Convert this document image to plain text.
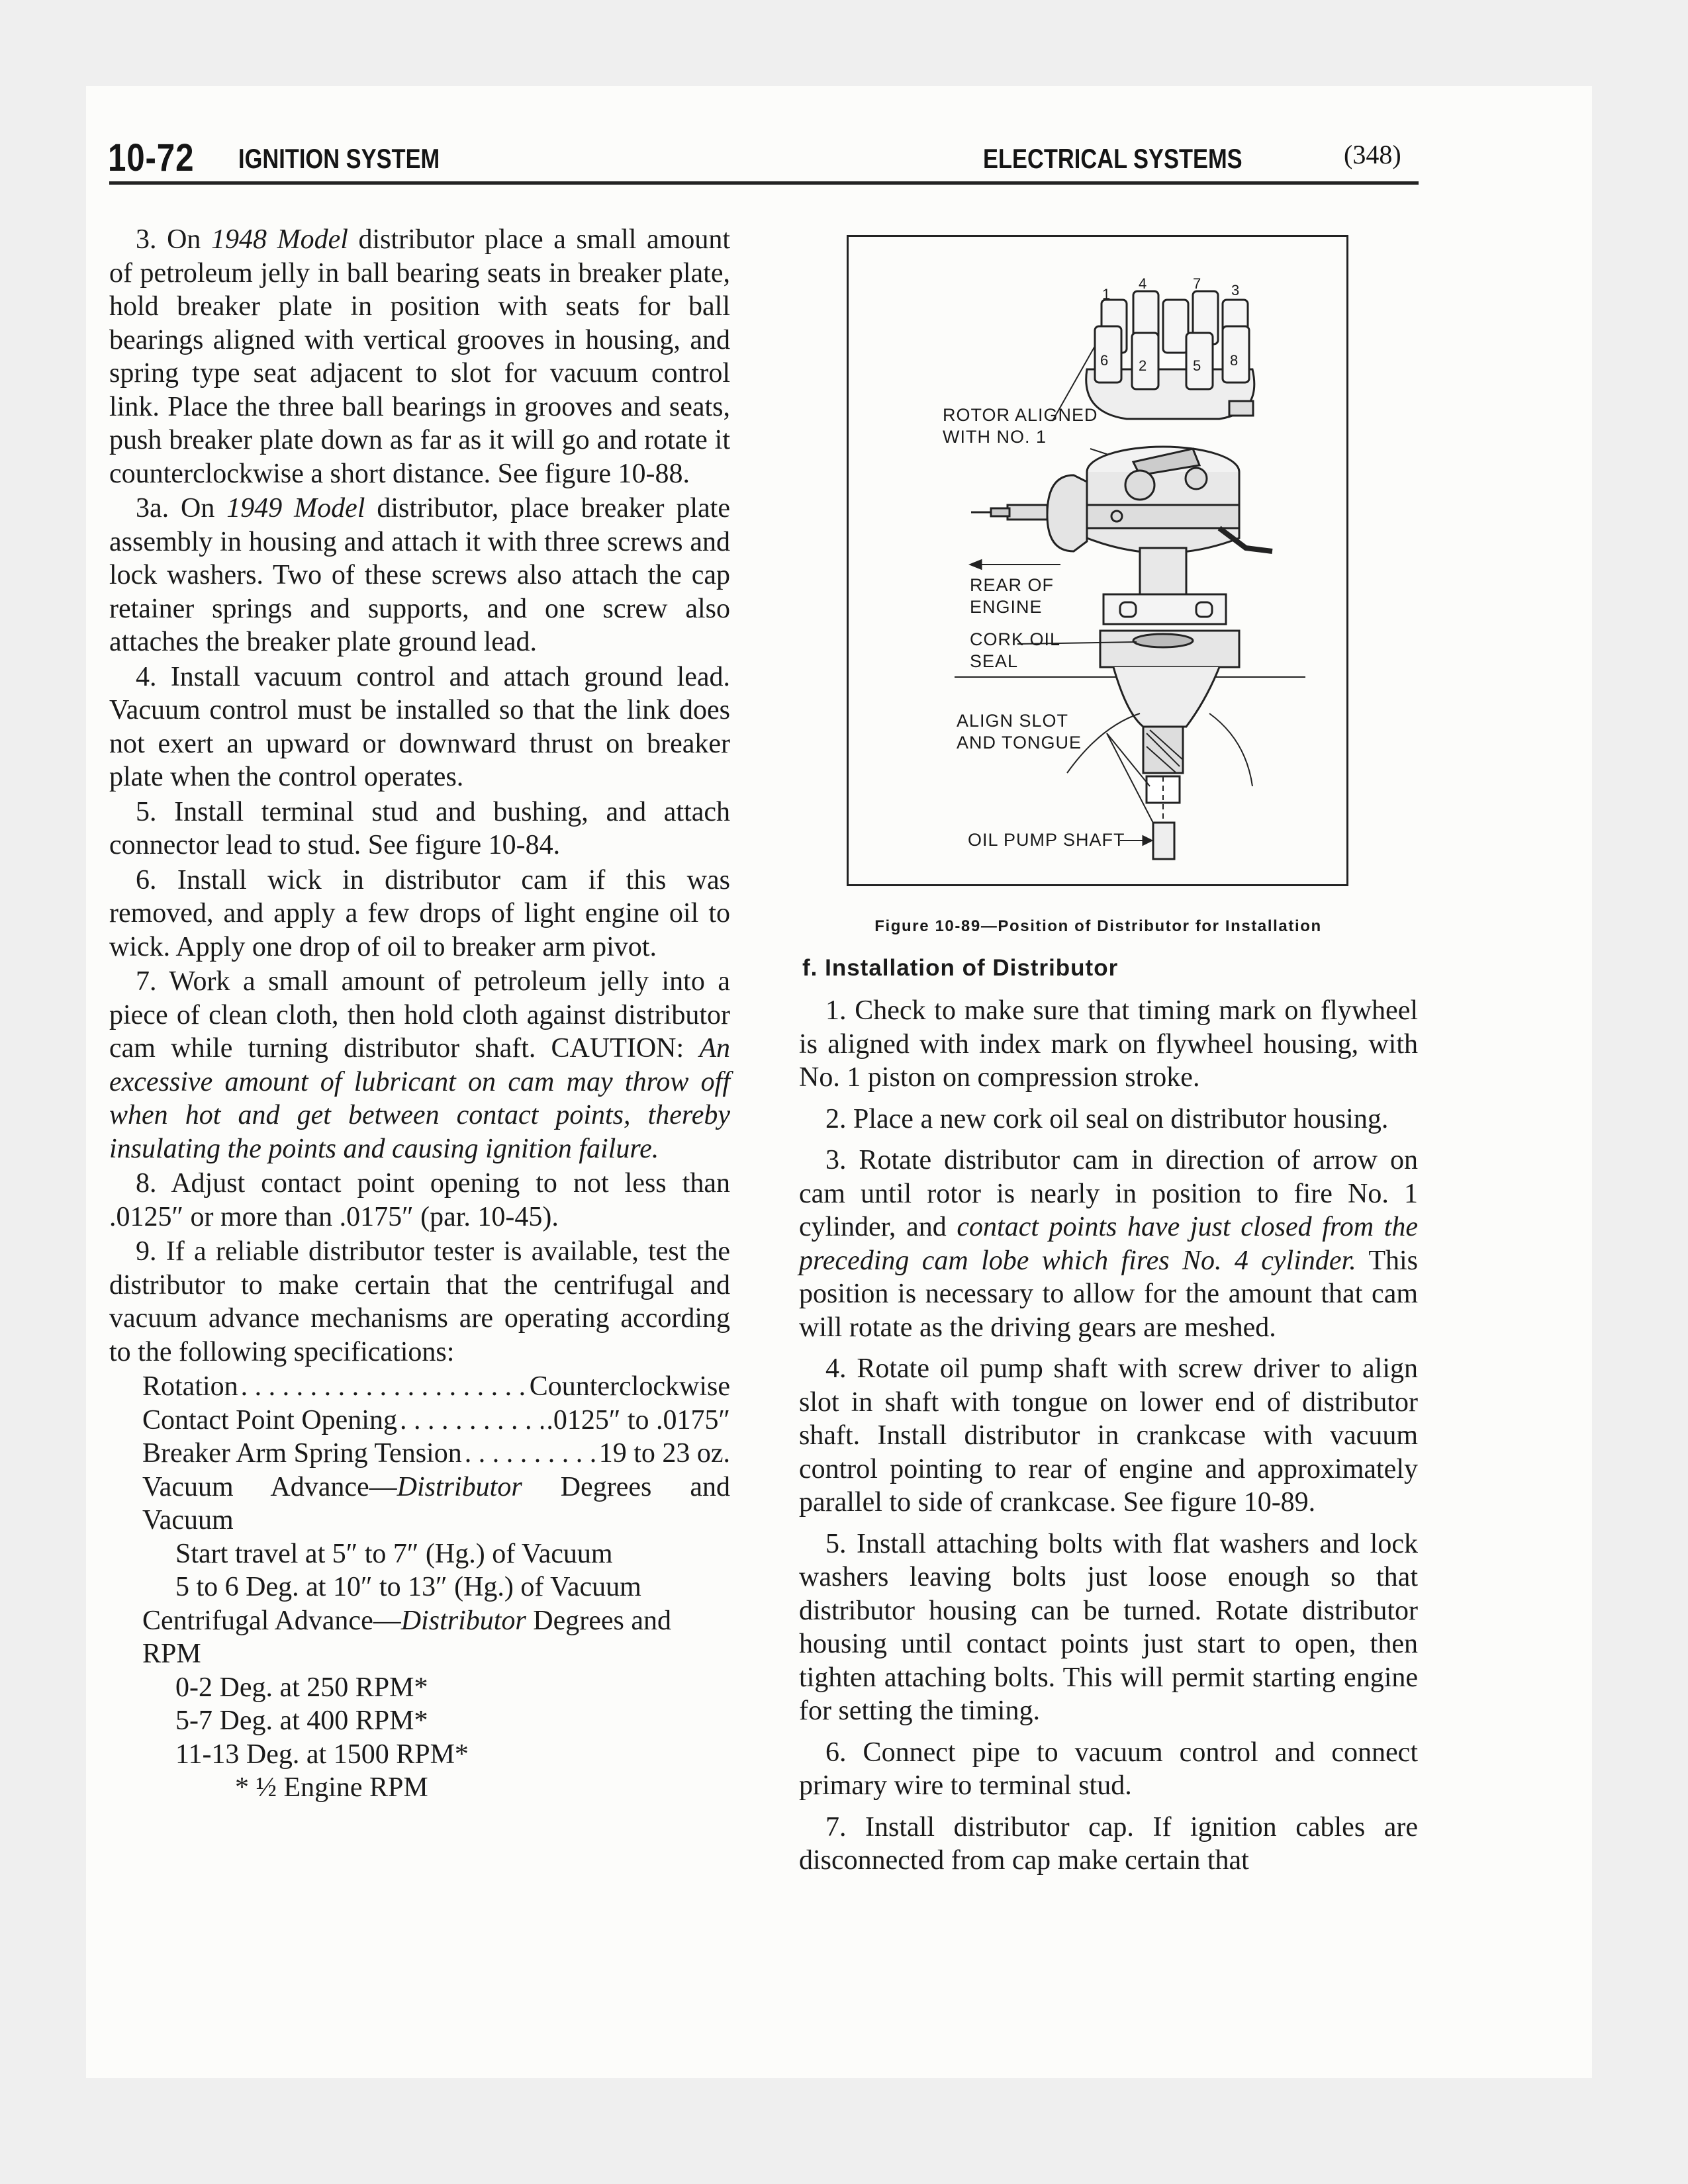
10-72 IGNITION SYSTEM	ELECTRICAL SYSTEMS	(348)

3. On 1948 Model distributor place a small amount of petroleum jelly in ball bearing seats in breaker plate, hold breaker plate in position with seats for ball bearings aligned with vertical grooves in housing, and spring type seat adjacent to slot for vacuum control link. Place the three ball bearings in grooves and seats, push breaker plate down as far as it will go and rotate it counterclockwise a short distance. See figure 10-88.

3a. On 1949 Model distributor, place breaker plate assembly in housing and attach it with three screws and lock washers. Two of these screws also attach the cap retainer springs and supports, and one screw also attaches the breaker plate ground lead.

4. Install vacuum control and attach ground lead. Vacuum control must be installed so that the link does not exert an upward or downward thrust on breaker plate when the control operates.

5. Install terminal stud and bushing, and attach connector lead to stud. See figure 10-84.

6. Install wick in distributor cam if this was removed, and apply a few drops of light engine oil to wick. Apply one drop of oil to breaker arm pivot.

7. Work a small amount of petroleum jelly into a piece of clean cloth, then hold cloth against distributor cam while turning distributor shaft. CAUTION: An excessive amount of lubricant on cam may throw off when hot and get between contact points, thereby insulating the points and causing ignition failure.

8. Adjust contact point opening to not less than .0125″ or more than .0175″ (par. 10-45).

9. If a reliable distributor tester is available, test the distributor to make certain that the centrifugal and vacuum advance mechanisms are operating according to the following specifications:

Rotation . . .	Counterclockwise
Contact Point Opening . . .	.0125″ to .0175″
Breaker Arm Spring Tension . . .	19 to 23 oz.
Vacuum Advance—Distributor Degrees and Vacuum
Start travel at 5″ to 7″ (Hg.) of Vacuum
5 to 6 Deg. at 10″ to 13″ (Hg.) of Vacuum
Centrifugal Advance—Distributor Degrees and RPM
0-2 Deg. at 250 RPM*
5-7 Deg. at 400 RPM*
11-13 Deg. at 1500 RPM*
* ½ Engine RPM
1
4	7 3
6 2	5 8
ROTOR ALIGNED
WITH NO. 1
REAR OF
ENGINE
CORK OIL
SEAL
ALIGN SLOT
AND TONGUE
OIL PUMP SHAFT
Figure 10-89—Position of Distributor for Installation
f. Installation of Distributor

1. Check to make sure that timing mark on flywheel is aligned with index mark on flywheel housing, with No. 1 piston on compression stroke.

2. Place a new cork oil seal on distributor housing.

3. Rotate distributor cam in direction of arrow on cam until rotor is nearly in position to fire No. 1 cylinder, and contact points have just closed from the preceding cam lobe which fires No. 4 cylinder. This position is necessary to allow for the amount that cam will rotate as the driving gears are meshed.

4. Rotate oil pump shaft with screw driver to align slot in shaft with tongue on lower end of distributor shaft. Install distributor in crankcase with vacuum control pointing to rear of engine and approximately parallel to side of crankcase. See figure 10-89.

5. Install attaching bolts with flat washers and lock washers leaving bolts just loose enough so that distributor housing can be turned. Rotate distributor housing until contact points just start to open, then tighten attaching bolts. This will permit starting engine for setting the timing.

6. Connect pipe to vacuum control and connect primary wire to terminal stud.

7. Install distributor cap. If ignition cables are disconnected from cap make certain that
